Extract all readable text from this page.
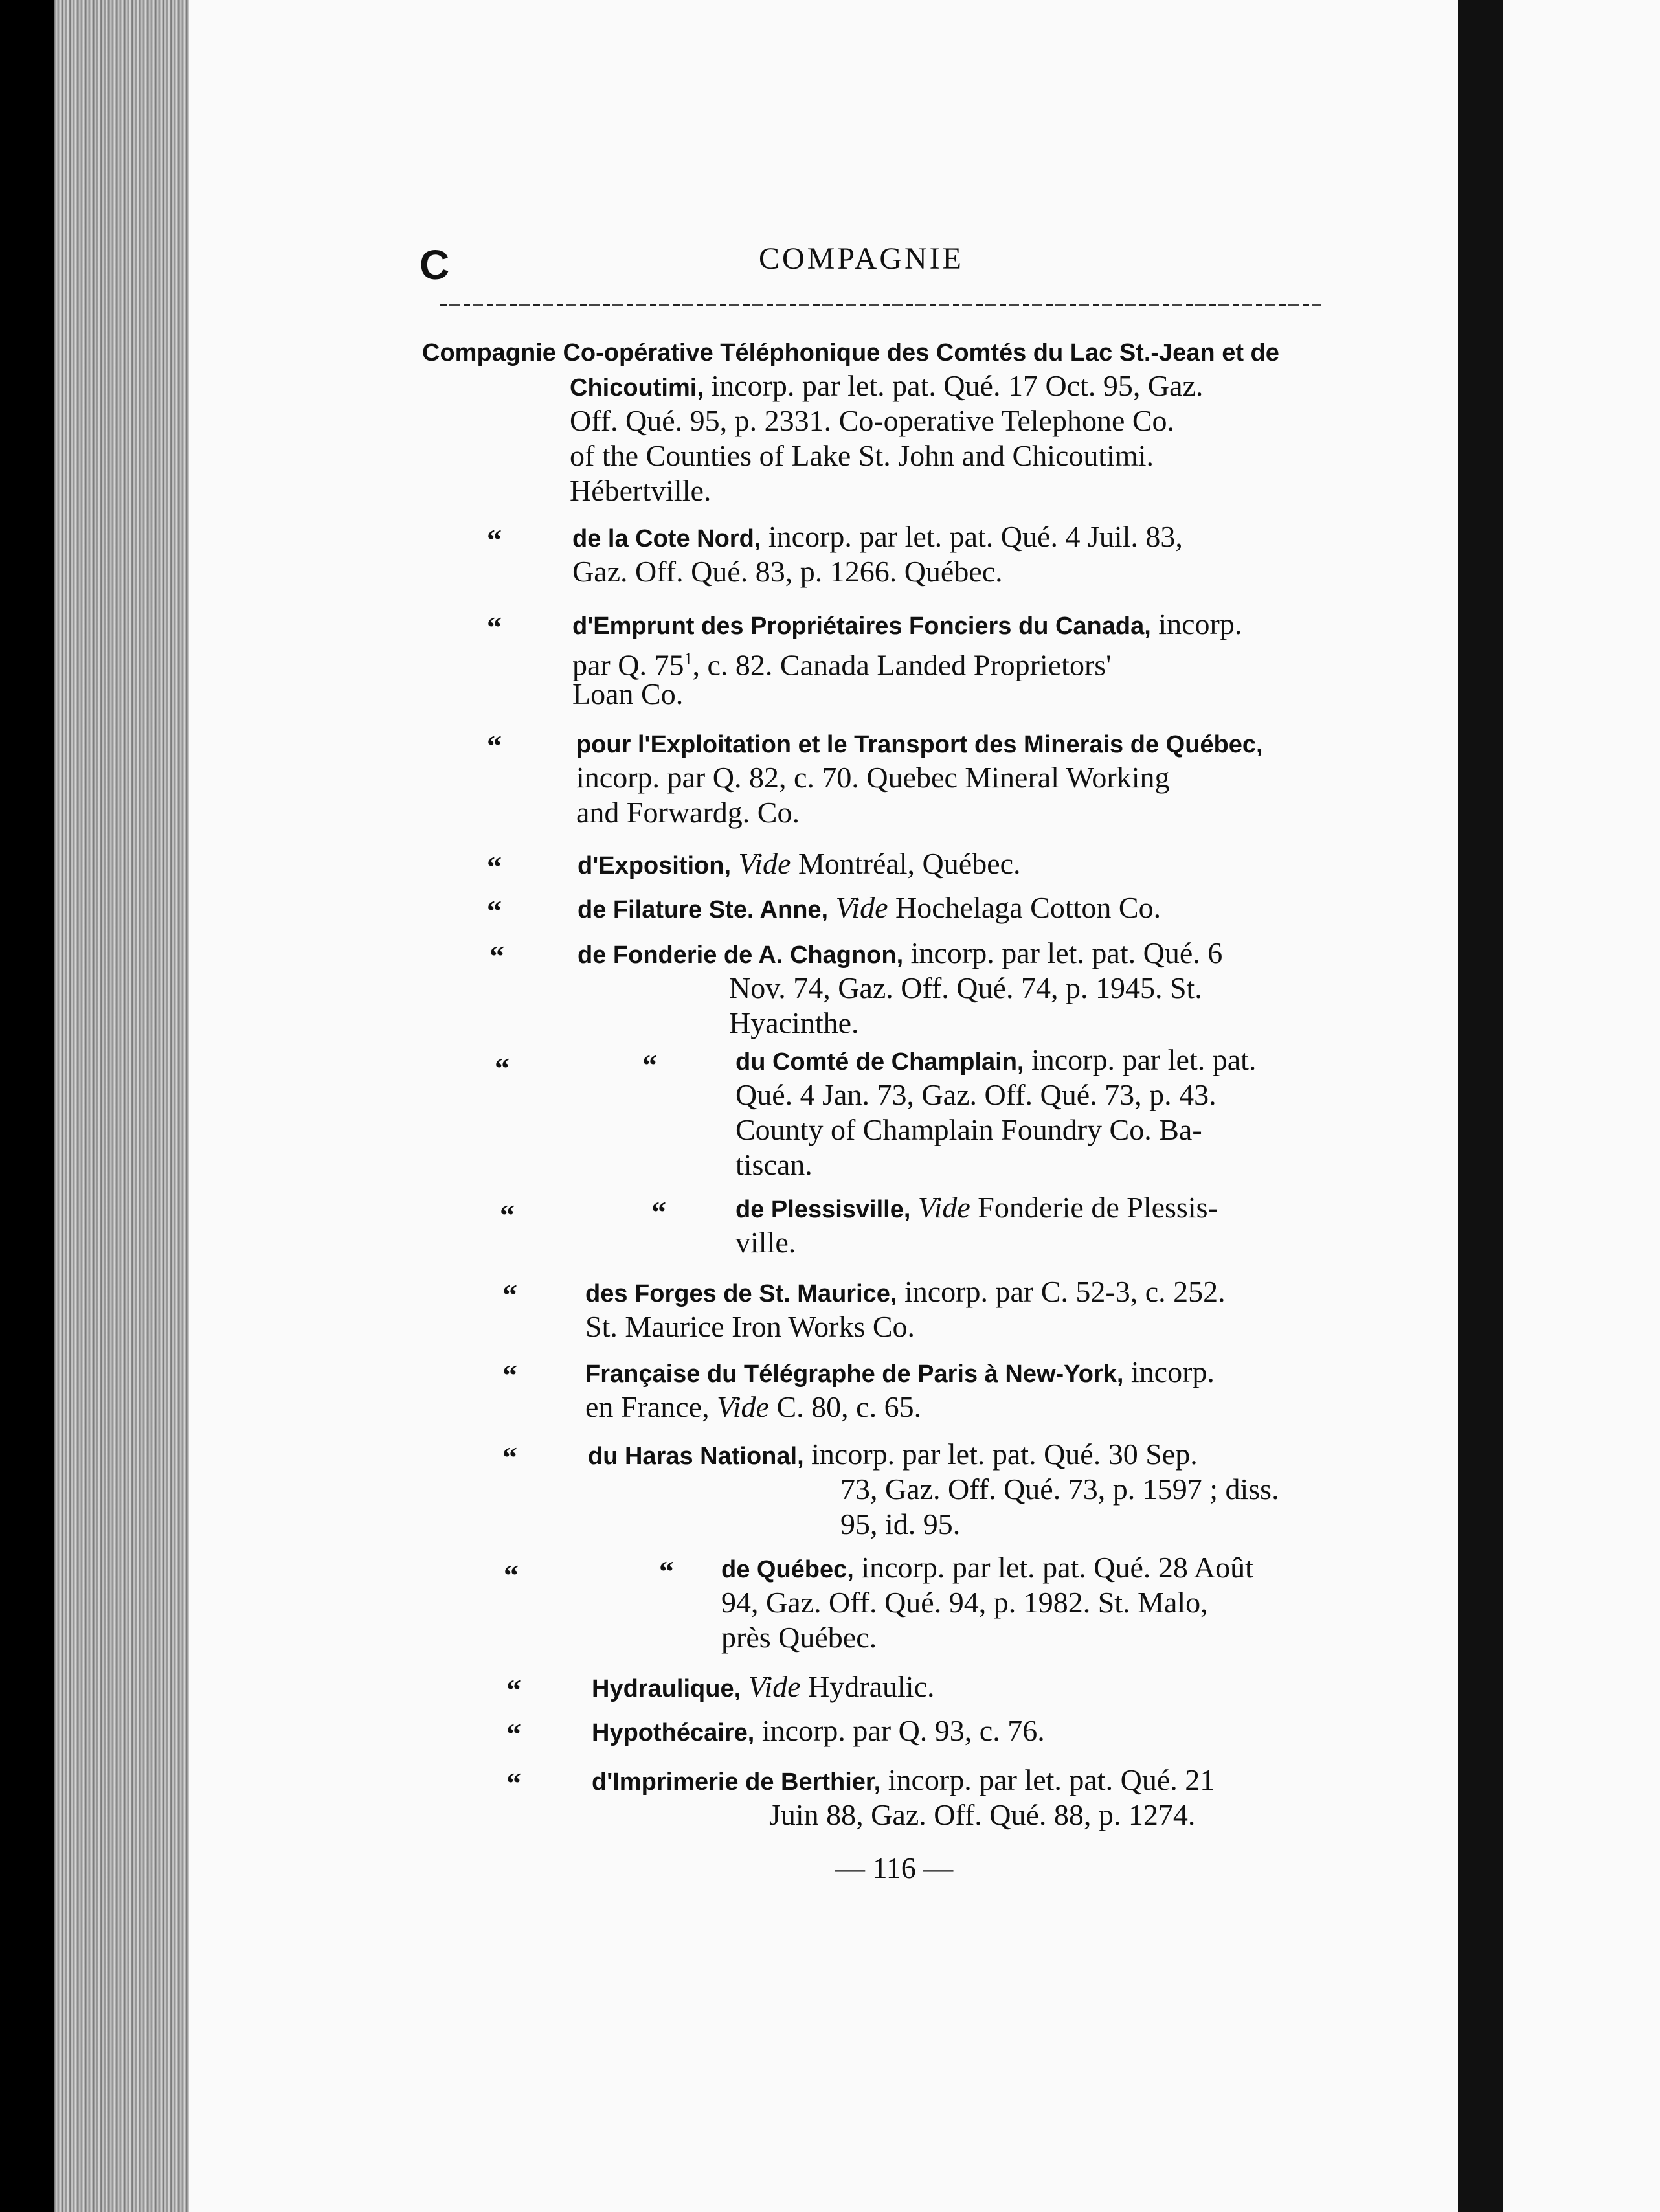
C	COMPAGNIE
Compagnie Co-opérative Téléphonique des Comtés du Lac St.-Jean et de
Chicoutimi, incorp. par let. pat. Qué. 17 Oct. 95, Gaz.
Off. Qué. 95, p. 2331. Co-operative Telephone Co.
of the Counties of Lake St. John and Chicoutimi.
Hébertville.
“	de la Cote Nord, incorp. par let. pat. Qué. 4 Juil. 83,
Gaz. Off. Qué. 83, p. 1266. Québec.
“	d'Emprunt des Propriétaires Fonciers du Canada, incorp.
par Q. $75^1$, c. 82. Canada Landed Proprietors'
Loan Co.
“	pour l'Exploitation et le Transport des Minerais de Québec,
incorp. par Q. 82, c. 70. Quebec Mineral Working
and Forwardg. Co.
“	d'Exposition, Vide Montréal, Québec.
“	de Filature Ste. Anne, Vide Hochelaga Cotton Co.
“	de Fonderie de A. Chagnon, incorp. par let. pat. Qué. 6
Nov. 74, Gaz. Off. Qué. 74, p. 1945. St.
Hyacinthe.
“	“	du Comté de Champlain, incorp. par let. pat.
Qué. 4 Jan. 73, Gaz. Off. Qué. 73, p. 43.
County of Champlain Foundry Co. Ba-
tiscan.
“	“	de Plessisville, Vide Fonderie de Plessis-
ville.
“	des Forges de St. Maurice, incorp. par C. 52-3, c. 252.
St. Maurice Iron Works Co.
“	Française du Télégraphe de Paris à New-York, incorp.
en France, Vide C. 80, c. 65.
“	du Haras National, incorp. par let. pat. Qué. 30 Sep.
73, Gaz. Off. Qué. 73, p. 1597 ; diss.
95, id. 95.
“	“ de Québec, incorp. par let. pat. Qué. 28 Août
94, Gaz. Off. Qué. 94, p. 1982. St. Malo,
près Québec.
“	Hydraulique, Vide Hydraulic.
“	Hypothécaire, incorp. par Q. 93, c. 76.
“	d'Imprimerie de Berthier, incorp. par let. pat. Qué. 21
Juin 88, Gaz. Off. Qué. 88, p. 1274.
— 116 —
